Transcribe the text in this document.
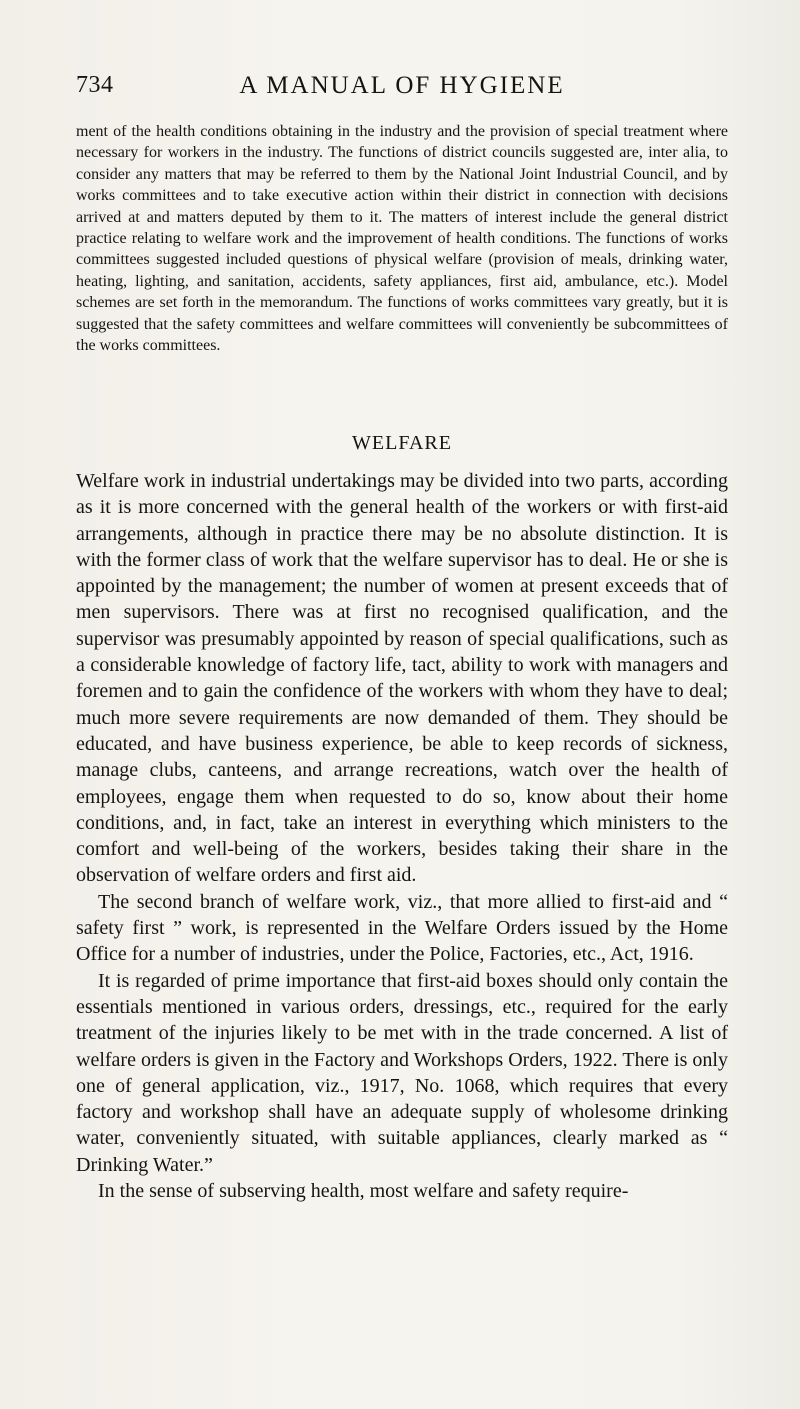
734	A MANUAL OF HYGIENE

ment of the health conditions obtaining in the industry and the provision of special treatment where necessary for workers in the industry. The functions of district councils suggested are, inter alia, to consider any matters that may be referred to them by the National Joint Industrial Council, and by works committees and to take executive action within their district in connection with decisions arrived at and matters deputed by them to it. The matters of interest include the general district practice relating to welfare work and the improvement of health conditions. The functions of works committees suggested included questions of physical welfare (provision of meals, drinking water, heating, lighting, and sanitation, accidents, safety appliances, first aid, ambulance, etc.). Model schemes are set forth in the memorandum. The functions of works committees vary greatly, but it is suggested that the safety committees and welfare committees will conveniently be subcommittees of the works committees.

WELFARE

Welfare work in industrial undertakings may be divided into two parts, according as it is more concerned with the general health of the workers or with first-aid arrangements, although in practice there may be no absolute distinction. It is with the former class of work that the welfare supervisor has to deal. He or she is appointed by the management; the number of women at present exceeds that of men supervisors. There was at first no recognised qualification, and the supervisor was presumably appointed by reason of special qualifications, such as a considerable knowledge of factory life, tact, ability to work with managers and foremen and to gain the confidence of the workers with whom they have to deal; much more severe requirements are now demanded of them. They should be educated, and have business experience, be able to keep records of sickness, manage clubs, canteens, and arrange recreations, watch over the health of employees, engage them when requested to do so, know about their home conditions, and, in fact, take an interest in everything which ministers to the comfort and well-being of the workers, besides taking their share in the observation of welfare orders and first aid.

The second branch of welfare work, viz., that more allied to first-aid and “ safety first ” work, is represented in the Welfare Orders issued by the Home Office for a number of industries, under the Police, Factories, etc., Act, 1916.

It is regarded of prime importance that first-aid boxes should only contain the essentials mentioned in various orders, dressings, etc., required for the early treatment of the injuries likely to be met with in the trade concerned. A list of welfare orders is given in the Factory and Workshops Orders, 1922. There is only one of general application, viz., 1917, No. 1068, which requires that every factory and workshop shall have an adequate supply of wholesome drinking water, conveniently situated, with suitable appliances, clearly marked as “ Drinking Water.”

In the sense of subserving health, most welfare and safety require-
